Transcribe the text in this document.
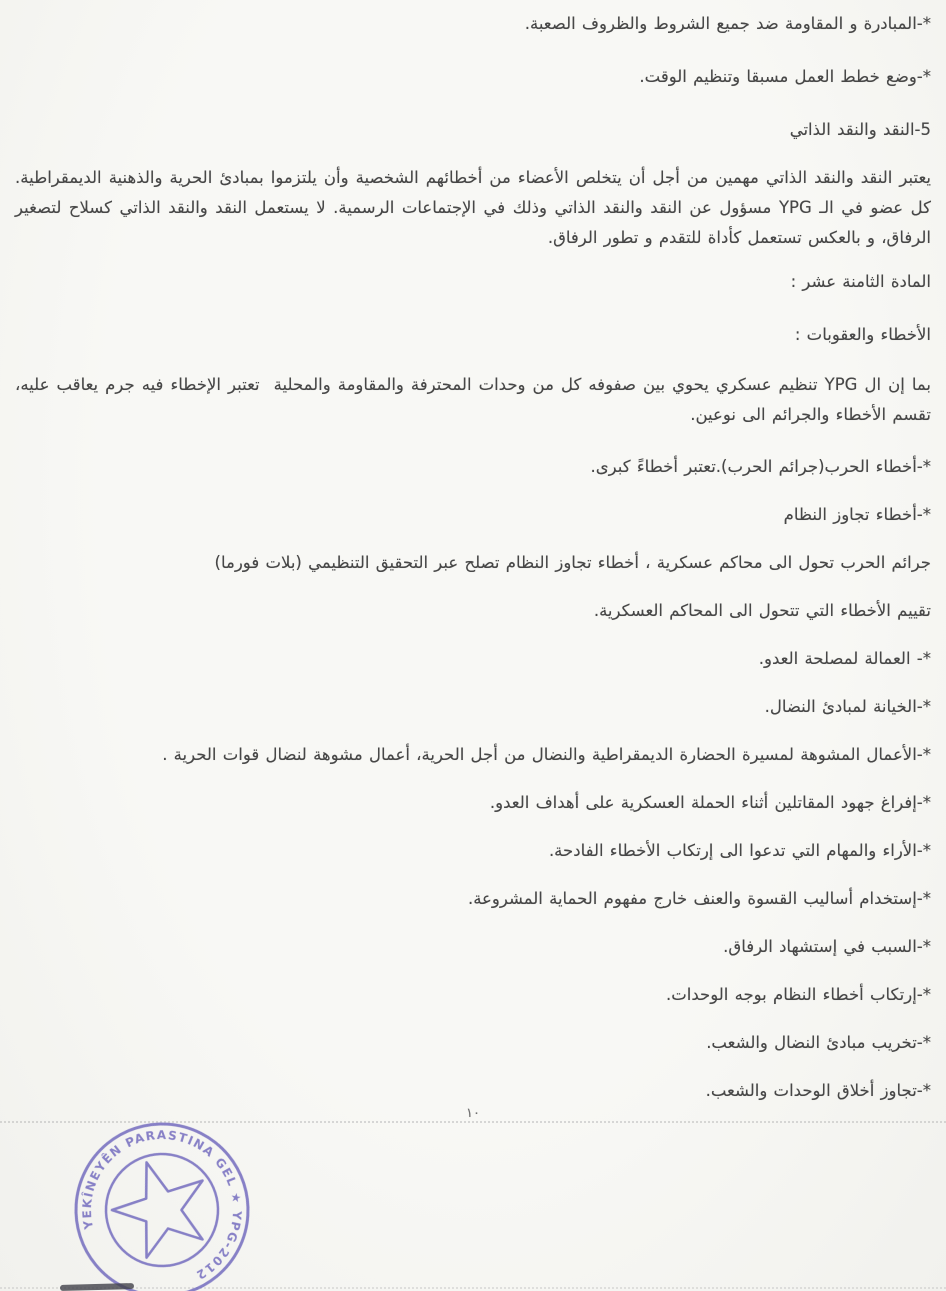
*-المبادرة و المقاومة ضد جميع الشروط والظروف الصعبة.

*-وضع خطط العمل مسبقا وتنظيم الوقت.

5-النقد والنقد الذاتي

يعتبر النقد والنقد الذاتي مهمين من أجل أن يتخلص الأعضاء من أخطائهم الشخصية وأن يلتزموا بمبادئ الحرية والذهنية الديمقراطية. كل عضو في الـ YPG مسؤول عن النقد والنقد الذاتي وذلك في الإجتماعات الرسمية. لا يستعمل النقد والنقد الذاتي كسلاح لتصغير الرفاق، و بالعكس تستعمل كأداة للتقدم و تطور الرفاق.

المادة الثامنة عشر :

الأخطاء والعقوبات :

بما إن ال YPG تنظيم عسكري يحوي بين صفوفه كل من وحدات المحترفة والمقاومة والمحلية  تعتبر الإخطاء فيه جرم يعاقب عليه، تقسم الأخطاء والجرائم الى نوعين.

*-أخطاء الحرب(جرائم الحرب).تعتبر أخطاءً كبرى.

*-أخطاء تجاوز النظام

جرائم الحرب تحول الى محاكم عسكرية ، أخطاء تجاوز النظام تصلح عبر التحقيق التنظيمي (بلات فورما)

تقييم الأخطاء التي تتحول الى المحاكم العسكرية.

*- العمالة لمصلحة العدو.

*-الخيانة لمبادئ النضال.

*-الأعمال المشوهة لمسيرة الحضارة الديمقراطية والنضال من أجل الحرية، أعمال مشوهة لنضال قوات الحرية .

*-إفراغ جهود المقاتلين أثناء الحملة العسكرية على أهداف العدو.

*-الأراء والمهام التي تدعوا الى إرتكاب الأخطاء الفادحة.

*-إستخدام أساليب القسوة والعنف خارج مفهوم الحماية المشروعة.

*-السبب في إستشهاد الرفاق.

*-إرتكاب أخطاء النظام بوجه الوحدات.

*-تخريب مبادئ النضال والشعب.

*-تجاوز أخلاق الوحدات والشعب.

١٠
YEKÎNEYÊN PARASTINA GEL ★ YPG-2012
